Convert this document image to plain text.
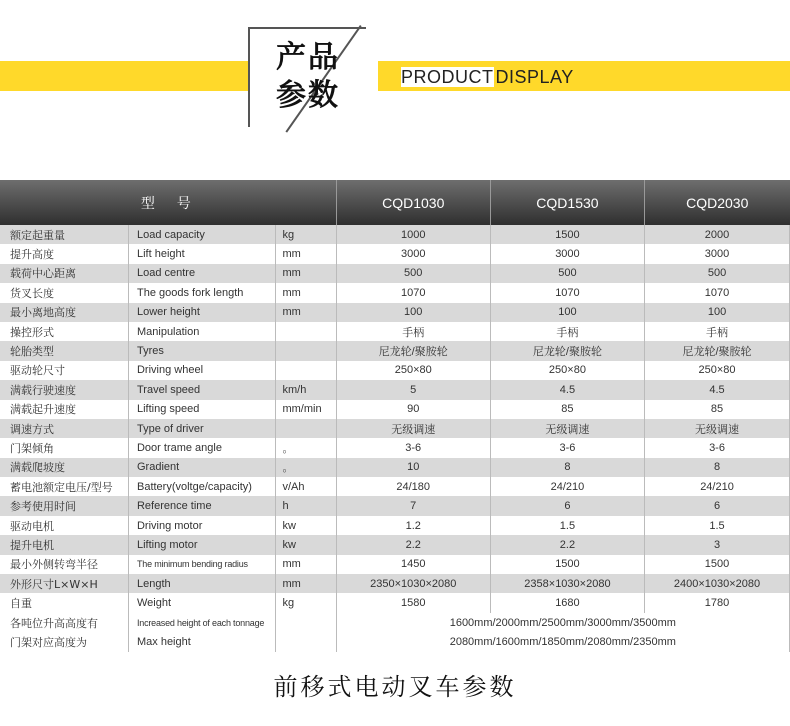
产品
参数
PRODUCT DISPLAY
型　号			CQD1030	CQD1530	CQD2030
额定起重量	Load capacity	kg	1000	1500	2000
提升高度	Lift height	mm	3000	3000	3000
载荷中心距离	Load centre	mm	500	500	500
货叉长度	The goods fork length	mm	1070	1070	1070
最小离地高度	Lower height	mm	100	100	100
操控形式	Manipulation		手柄	手柄	手柄
轮胎类型	Tyres		尼龙轮/聚胺轮	尼龙轮/聚胺轮	尼龙轮/聚胺轮
驱动轮尺寸	Driving wheel		250×80	250×80	250×80
满载行驶速度	Travel speed	km/h	5	4.5	4.5
满载起升速度	Lifting speed	mm/min	90	85	85
调速方式	Type of driver		无级调速	无级调速	无级调速
门架倾角	Door trame angle	。	3-6	3-6	3-6
满载爬坡度	Gradient	。	10	8	8
蓄电池额定电压/型号	Battery(voltge/capacity)	v/Ah	24/180	24/210	24/210
参考使用时间	Reference time	h	7	6	6
驱动电机	Driving motor	kw	1.2	1.5	1.5
提升电机	Lifting motor	kw	2.2	2.2	3
最小外侧转弯半径	The minimum bending radius	mm	1450	1500	1500
外形尺寸L×W×H	Length	mm	2350×1030×2080	2358×1030×2080	2400×1030×2080
自重	Weight	kg	1580	1680	1780
各吨位升高高度有	Increased height of each tonnage		1600mm/2000mm/2500mm/3000mm/3500mm		
门架对应高度为	Max height		2080mm/1600mm/1850mm/2080mm/2350mm		
前移式电动叉车参数
